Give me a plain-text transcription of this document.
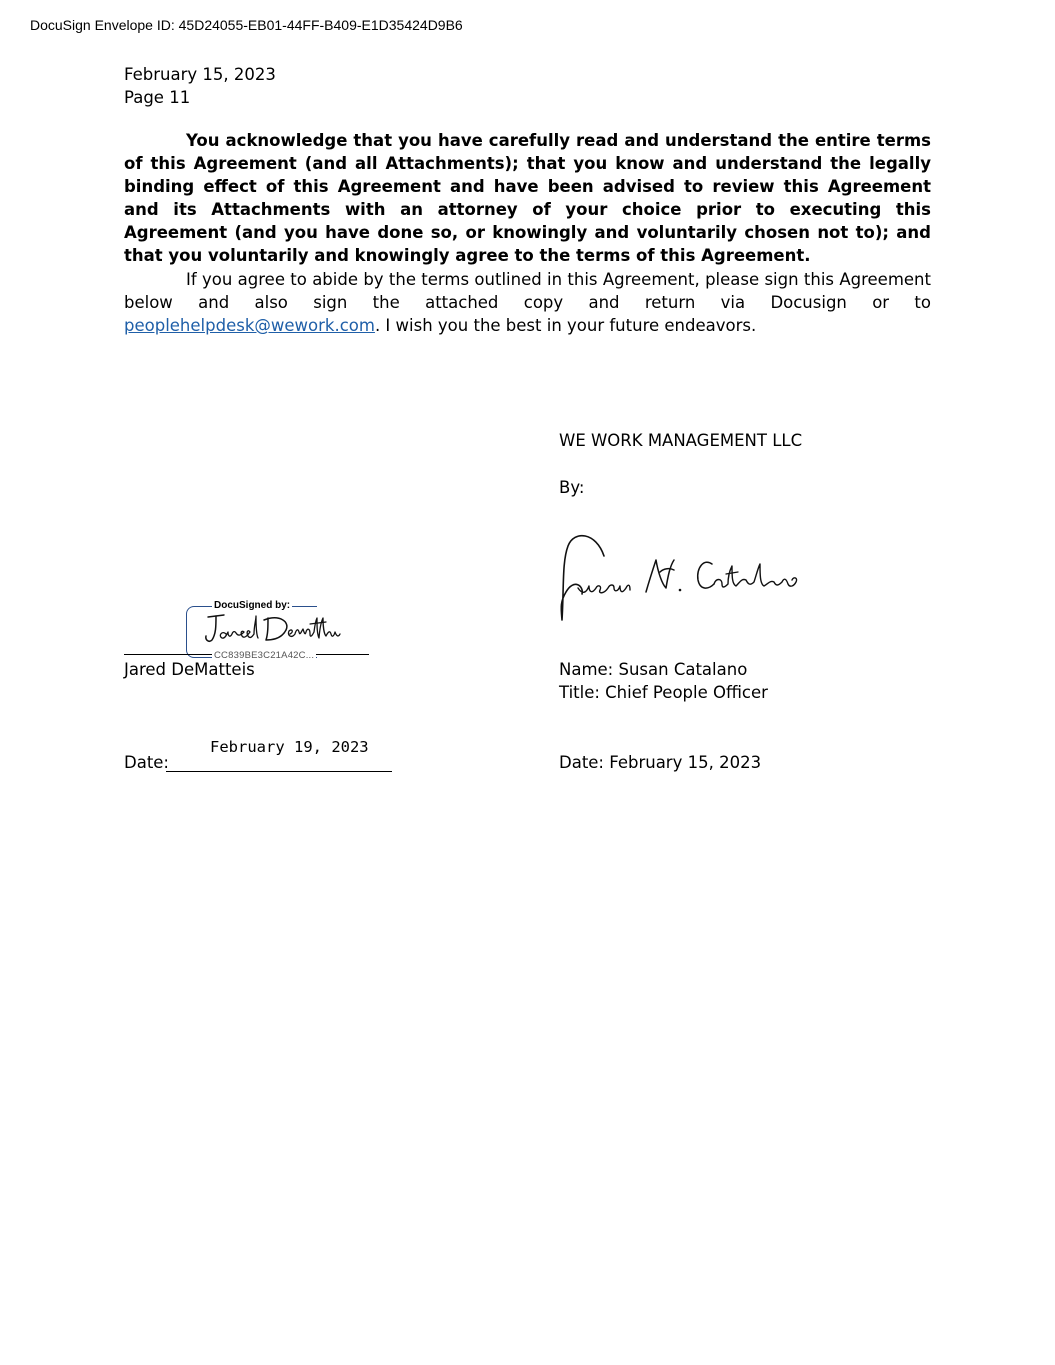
DocuSign Envelope ID: 45D24055-EB01-44FF-B409-E1D35424D9B6
February 15, 2023
Page 11
You acknowledge that you have carefully read and understand the entire terms of this Agreement (and all Attachments); that you know and understand the legally binding effect of this Agreement and have been advised to review this Agreement and its Attachments with an attorney of your choice prior to executing this Agreement (and you have done so, or knowingly and voluntarily chosen not to); and that you voluntarily and knowingly agree to the terms of this Agreement.
If you agree to abide by the terms outlined in this Agreement, please sign this Agreement below and also sign the attached copy and return via Docusign or to peoplehelpdesk@wework.com. I wish you the best in your future endeavors.
WE WORK MANAGEMENT LLC
By:
DocuSigned by:
CC839BE3C21A42C...
Jared DeMatteis	Name: Susan Catalano
Title: Chief People Officer
Date:
February 19, 2023
Date: February 15, 2023
